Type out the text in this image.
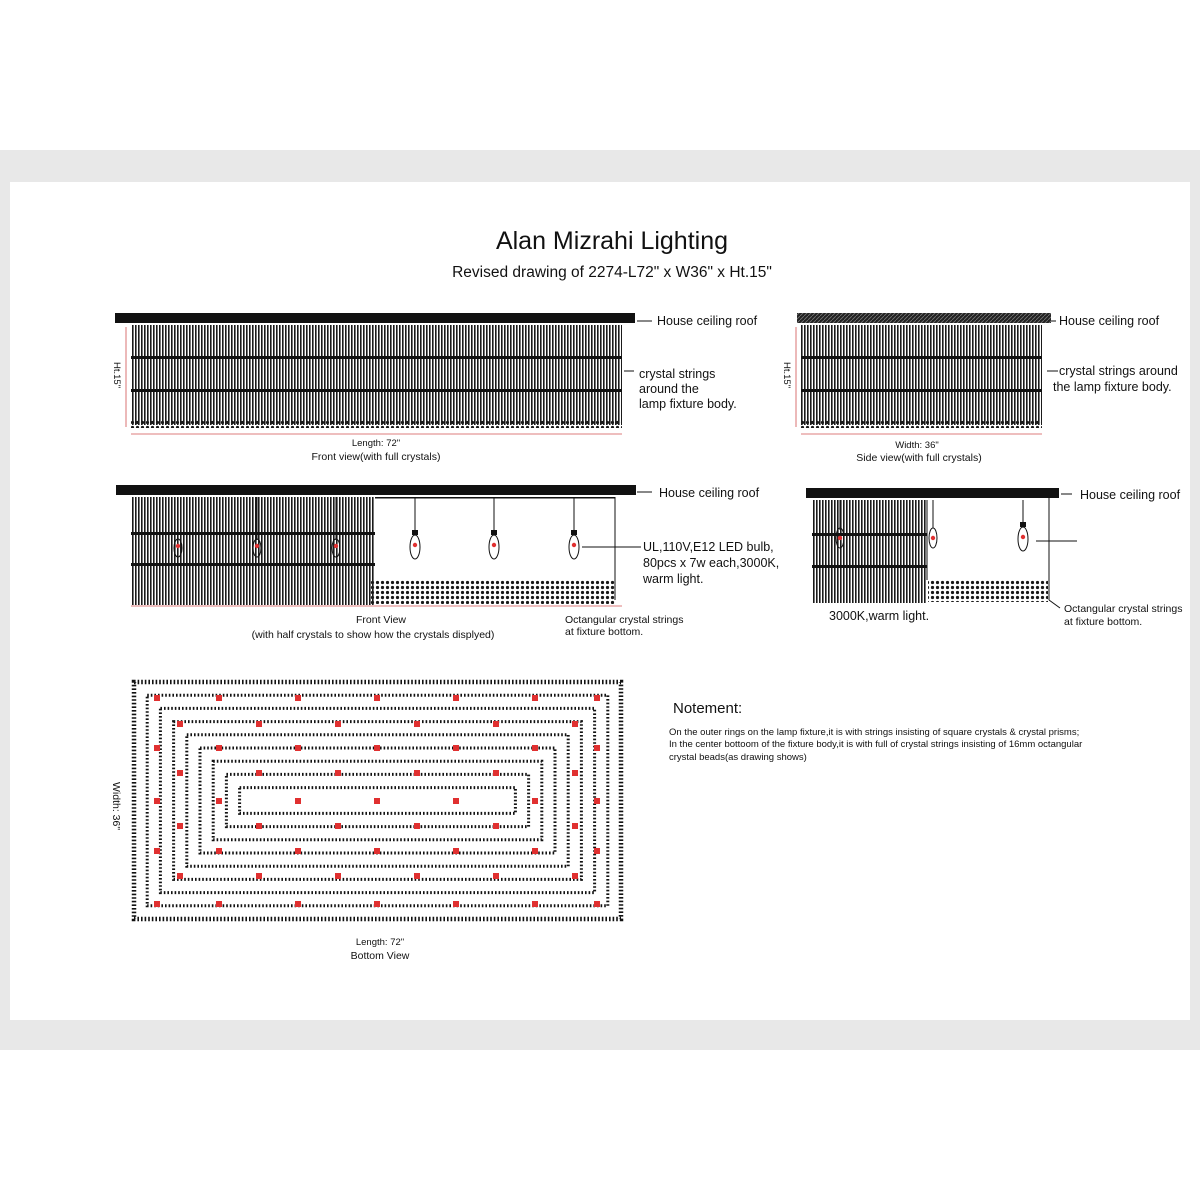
Alan Mizrahi Lighting
Revised drawing of 2274-L72" x W36" x Ht.15"
House ceiling roof
crystal strings
around the
lamp fixture body.
Ht.15"
Length: 72"
Front view(with full crystals)
House ceiling roof
crystal strings around
the lamp fixture body.
Ht.15"
Width: 36"
Side view(with full crystals)
House ceiling roof
UL,110V,E12 LED bulb,
80pcs x 7w each,3000K,
warm light.
Front View
(with half crystals to show how the crystals displyed)
Octangular crystal strings
at fixture bottom.
House ceiling roof
3000K,warm light.	Octangular crystal strings
at fixture bottom.
Length: 72"
Bottom View
Width: 36"
Notement:
On the outer rings on the lamp fixture,it is with strings insisting of square crystals & crystal prisms;
In the center bottoom of the fixture body,it is with full of crystal strings insisting of 16mm octangular
crystal beads(as drawing shows)
